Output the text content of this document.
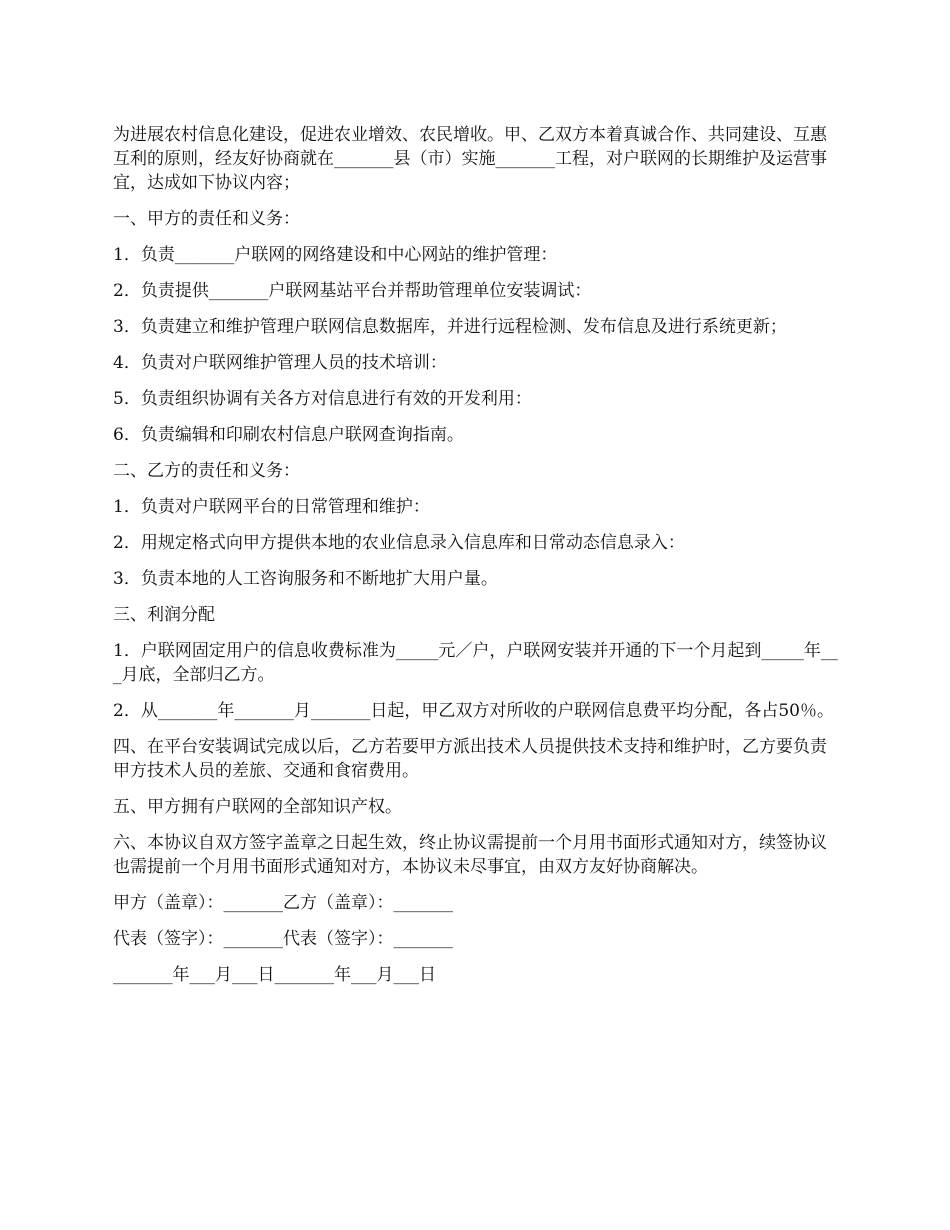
为进展农村信息化建设，促进农业增效、农民增收。甲、乙双方本着真诚合作、共同建设、互惠互利的原则，经友好协商就在_______县（市）实施_______工程，对户联网的长期维护及运营事宜，达成如下协议内容；

一、甲方的责任和义务：

1．负责_______户联网的网络建设和中心网站的维护管理：

2．负责提供_______户联网基站平台并帮助管理单位安装调试：

3．负责建立和维护管理户联网信息数据库，并进行远程检测、发布信息及进行系统更新；

4．负责对户联网维护管理人员的技术培训：

5．负责组织协调有关各方对信息进行有效的开发利用：

6．负责编辑和印刷农村信息户联网查询指南。

二、乙方的责任和义务：

1．负责对户联网平台的日常管理和维护：

2．用规定格式向甲方提供本地的农业信息录入信息库和日常动态信息录入：

3．负责本地的人工咨询服务和不断地扩大用户量。

三、利润分配

1．户联网固定用户的信息收费标准为_____元／户，户联网安装并开通的下一个月起到_____年___月底，全部归乙方。

2．从_______年_______月_______日起，甲乙双方对所收的户联网信息费平均分配，各占50％。

四、在平台安装调试完成以后，乙方若要甲方派出技术人员提供技术支持和维护时，乙方要负责甲方技术人员的差旅、交通和食宿费用。

五、甲方拥有户联网的全部知识产权。

六、本协议自双方签字盖章之日起生效，终止协议需提前一个月用书面形式通知对方，续签协议也需提前一个月用书面形式通知对方，本协议未尽事宜，由双方友好协商解决。

甲方（盖章）：_______乙方（盖章）：_______

代表（签字）：_______代表（签字）：_______

_______年___月___日_______年___月___日
